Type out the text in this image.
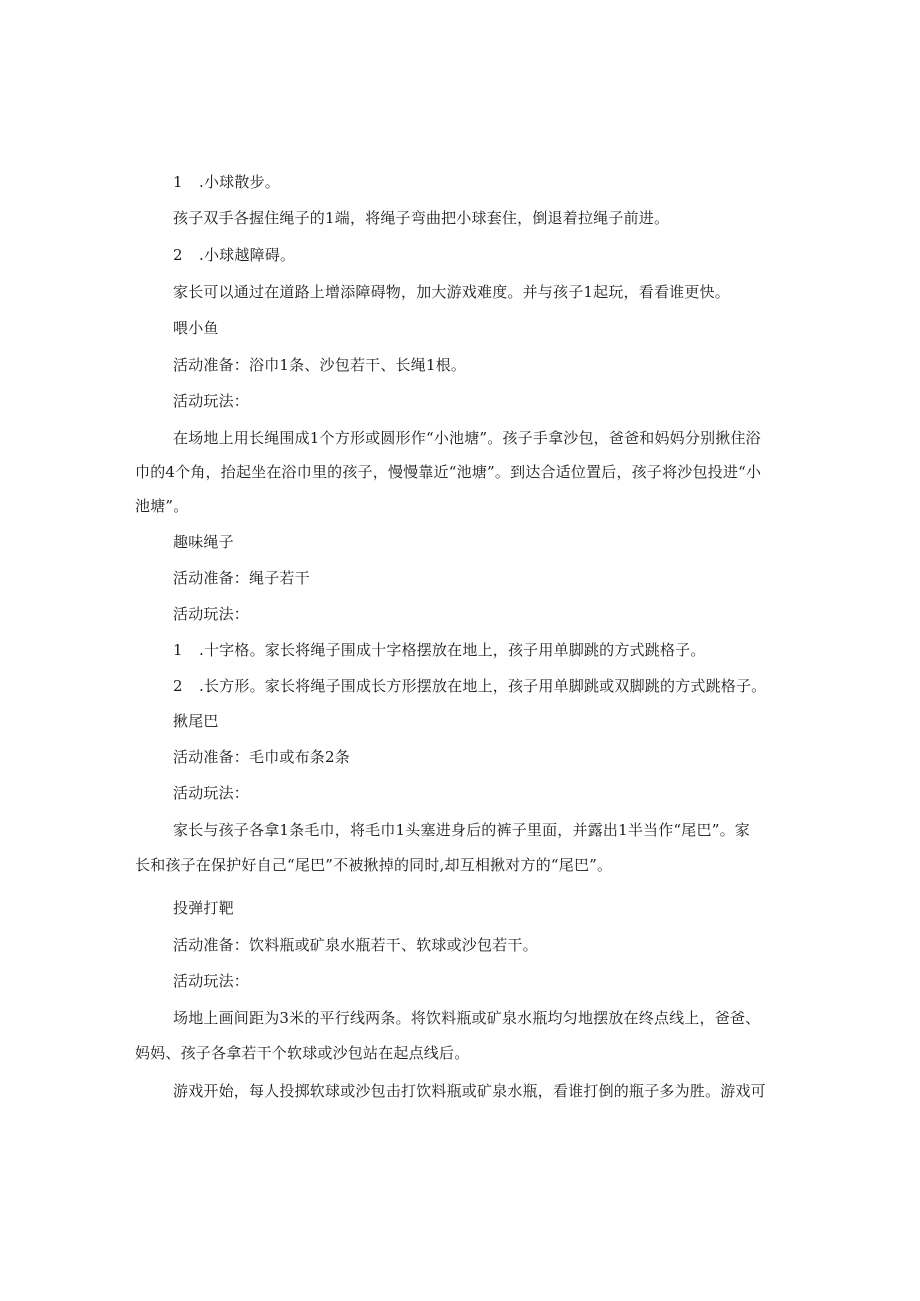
1 .小球散步。
孩子双手各握住绳子的1端，将绳子弯曲把小球套住，倒退着拉绳子前进。
2 .小球越障碍。
家长可以通过在道路上增添障碍物，加大游戏难度。并与孩子1起玩，看看谁更快。
喂小鱼
活动准备：浴巾1条、沙包若干、长绳1根。
活动玩法：
在场地上用长绳围成1个方形或圆形作“小池塘”。孩子手拿沙包，爸爸和妈妈分别揪住浴
巾的4个角，抬起坐在浴巾里的孩子，慢慢靠近“池塘”。到达合适位置后，孩子将沙包投进“小
池塘”。
趣味绳子
活动准备：绳子若干
活动玩法：
1 .十字格。家长将绳子围成十字格摆放在地上，孩子用单脚跳的方式跳格子。
2 .长方形。家长将绳子围成长方形摆放在地上，孩子用单脚跳或双脚跳的方式跳格子。
揪尾巴
活动准备：毛巾或布条2条
活动玩法：
家长与孩子各拿1条毛巾，将毛巾1头塞进身后的裤子里面，并露出1半当作“尾巴”。家
长和孩子在保护好自己“尾巴”不被揪掉的同时,却互相揪对方的“尾巴”。
投弹打靶
活动准备：饮料瓶或矿泉水瓶若干、软球或沙包若干。
活动玩法：
场地上画间距为3米的平行线两条。将饮料瓶或矿泉水瓶均匀地摆放在终点线上，爸爸、
妈妈、孩子各拿若干个软球或沙包站在起点线后。
游戏开始，每人投掷软球或沙包击打饮料瓶或矿泉水瓶，看谁打倒的瓶子多为胜。游戏可
